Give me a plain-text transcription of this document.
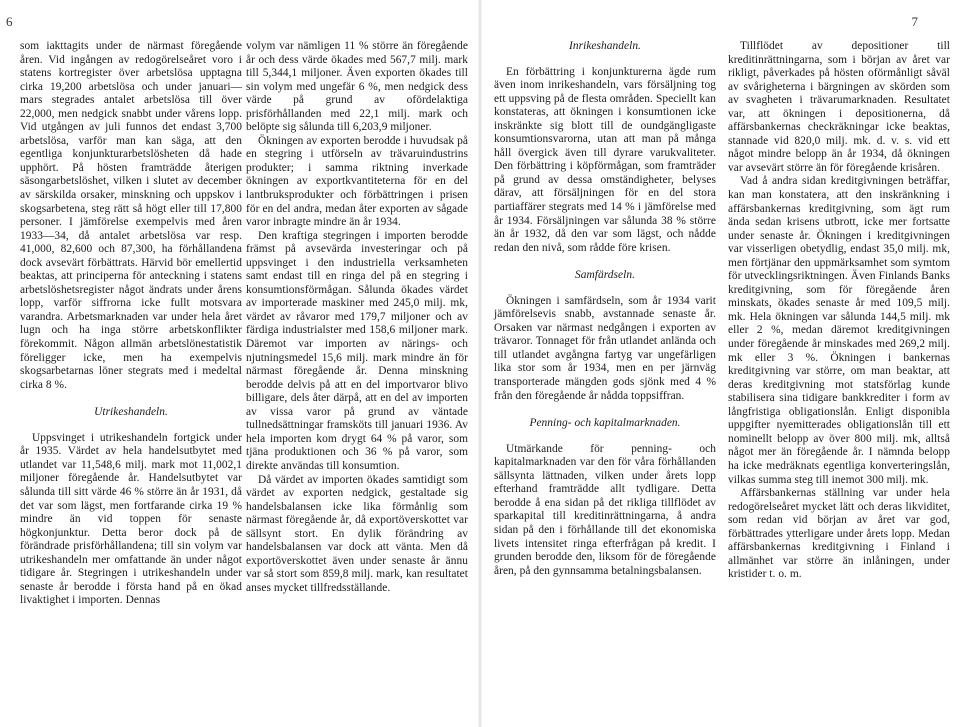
6	7

som iakttagits under de närmast föregående åren. Vid ingången av redogörelseåret voro i statens kortregister över arbetslösa upptagna cirka 19,200 arbetslösa och under januari—mars stegrades antalet arbetslösa till över 22,000, men nedgick snabbt under vårens lopp. Vid utgången av juli funnos det endast 3,700 arbetslösa, varför man kan säga, att den egentliga konjunkturarbetslösheten då hade upphört. På hösten framträdde återigen säsongarbetslöshet, vilken i slutet av december av särskilda orsaker, minskning och uppskov i skogsarbetena, steg rätt så högt eller till 17,800 personer. I jämförelse exempelvis med åren 1933—34, då antalet arbetslösa var resp. 41,000, 82,600 och 87,300, ha förhållandena dock avsevärt förbättrats. Härvid bör emellertid beaktas, att principerna för anteckning i statens arbetslöshetsregister något ändrats under årens lopp, varför siffrorna icke fullt motsvara varandra. Arbetsmarknaden var under hela året lugn och ha inga större arbetskonflikter förekommit. Någon allmän arbetslönestatistik föreligger icke, men ha exempelvis skogsarbetarnas löner stegrats med i medeltal cirka 8 %.

Utrikeshandeln.

Uppsvinget i utrikeshandeln fortgick under år 1935. Värdet av hela handelsutbytet med utlandet var 11,548,6 milj. mark mot 11,002,1 miljoner föregående år. Handelsutbytet var sålunda till sitt värde 46 % större än år 1931, då det var som lägst, men fortfarande cirka 19 % mindre än vid toppen för senaste högkonjunktur. Detta beror dock på de förändrade prisförhållandena; till sin volym var utrikeshandeln mer omfattande än under något tidigare år. Stegringen i utrikeshandeln under senaste år berodde i första hand på en ökad livaktighet i importen. Dennas

volym var nämligen 11 % större än föregående år och dess värde ökades med 567,7 milj. mark till 5,344,1 miljoner. Även exporten ökades till sin volym med ungefär 6 %, men nedgick dess värde på grund av ofördelaktiga prisförhållanden med 22,1 milj. mark och belöpte sig sålunda till 6,203,9 miljoner.

Ökningen av exporten berodde i huvudsak på en stegring i utförseln av trävaruindustrins produkter; i samma riktning inverkade ökningen av exportkvantiteterna för en del lantbruksprodukter och förbättringen i prisen för en del andra, medan åter exporten av sågade varor inbragte mindre än år 1934.

Den kraftiga stegringen i importen berodde främst på avsevärda investeringar och på uppsvinget i den industriella verksamheten samt endast till en ringa del på en stegring i konsumtionsförmågan. Sålunda ökades värdet av importerade maskiner med 245,0 milj. mk, värdet av råvaror med 179,7 miljoner och av färdiga industrialster med 158,6 miljoner mark. Däremot var importen av närings- och njutningsmedel 15,6 milj. mark mindre än för närmast föregående år. Denna minskning berodde delvis på att en del importvaror blivo billigare, dels åter därpå, att en del av importen av vissa varor på grund av väntade tullnedsättningar framsköts till januari 1936. Av hela importen kom drygt 64 % på varor, som tjäna produktionen och 36 % på varor, som direkte användas till konsumtion.

Då värdet av importen ökades samtidigt som värdet av exporten nedgick, gestaltade sig handelsbalansen icke lika förmånlig som närmast föregående år, då exportöverskottet var sällsynt stort. En dylik förändring av handelsbalansen var dock att vänta. Men då exportöverskottet även under senaste år ännu var så stort som 859,8 milj. mark, kan resultatet anses mycket tillfredsställande.

Inrikeshandeln.

En förbättring i konjunkturerna ägde rum även inom inrikeshandeln, vars försäljning tog ett uppsving på de flesta områden. Speciellt kan konstateras, att ökningen i konsumtionen icke inskränkte sig blott till de oundgängligaste konsumtionsvarorna, utan att man på många håll övergick även till dyrare varukvaliteter. Den förbättring i köpförmågan, som framträder på grund av dessa omständigheter, belyses därav, att försäljningen för en del stora partiaffärer stegrats med 14 % i jämförelse med år 1934. Försäljningen var sålunda 38 % större än år 1932, då den var som lägst, och nådde redan den nivå, som rådde före krisen.

Samfärdseln.

Ökningen i samfärdseln, som år 1934 varit jämförelsevis snabb, avstannade senaste år. Orsaken var närmast nedgången i exporten av trävaror. Tonnaget för från utlandet anlända och till utlandet avgångna fartyg var ungefärligen lika stor som år 1934, men en per järnväg transporterade mängden gods sjönk med 4 % från den föregående år nådda toppsiffran.

Penning- och kapitalmarknaden.

Utmärkande för penning- och kapitalmarknaden var den för våra förhållanden sällsynta lättnaden, vilken under årets lopp efterhand framträdde allt tydligare. Detta berodde å ena sidan på det rikliga tillflödet av sparkapital till kreditinrättningarna, å andra sidan på den i förhållande till det ekonomiska livets intensitet ringa efterfrågan på kredit. I grunden berodde den, liksom för de föregående åren, på den gynnsamma betalningsbalansen.

Tillflödet av depositioner till kreditinrättningarna, som i början av året var rikligt, påverkades på hösten oförmånligt såväl av svårigheterna i bärgningen av skörden som av svagheten i trävarumarknaden. Resultatet var, att ökningen i depositionerna, då affärsbankernas checkräkningar icke beaktas, stannade vid 820,0 milj. mk. d. v. s. vid ett något mindre belopp än år 1934, då ökningen var avsevärt större än för föregående krisåren.

Vad å andra sidan kreditgivningen beträffar, kan man konstatera, att den inskränkning i affärsbankernas kreditgivning, som ägt rum ända sedan krisens utbrott, icke mer fortsatte under senaste år. Ökningen i kreditgivningen var visserligen obetydlig, endast 35,0 milj. mk, men förtjänar den uppmärksamhet som symtom för utvecklingsriktningen. Även Finlands Banks kreditgivning, som för föregående åren minskats, ökades senaste år med 109,5 milj. mk. Hela ökningen var sålunda 144,5 milj. mk eller 2 %, medan däremot kreditgivningen under föregående år minskades med 269,2 milj. mk eller 3 %. Ökningen i bankernas kreditgivning var större, om man beaktar, att deras kreditgivning mot statsförlag kunde stabilisera sina tidigare bankkrediter i form av långfristiga obligationslån. Enligt disponibla uppgifter nyemitterades obligationslån till ett nominellt belopp av över 800 milj. mk, alltså något mer än föregående år. I nämnda belopp ha icke medräknats egentliga konverteringslån, vilkas summa steg till inemot 300 milj. mk.

Affärsbankernas ställning var under hela redogörelseåret mycket lätt och deras likviditet, som redan vid början av året var god, förbättrades ytterligare under årets lopp. Medan affärsbankernas kreditgivning i Finland i allmänhet var större än inlåningen, under kristider t. o. m.
